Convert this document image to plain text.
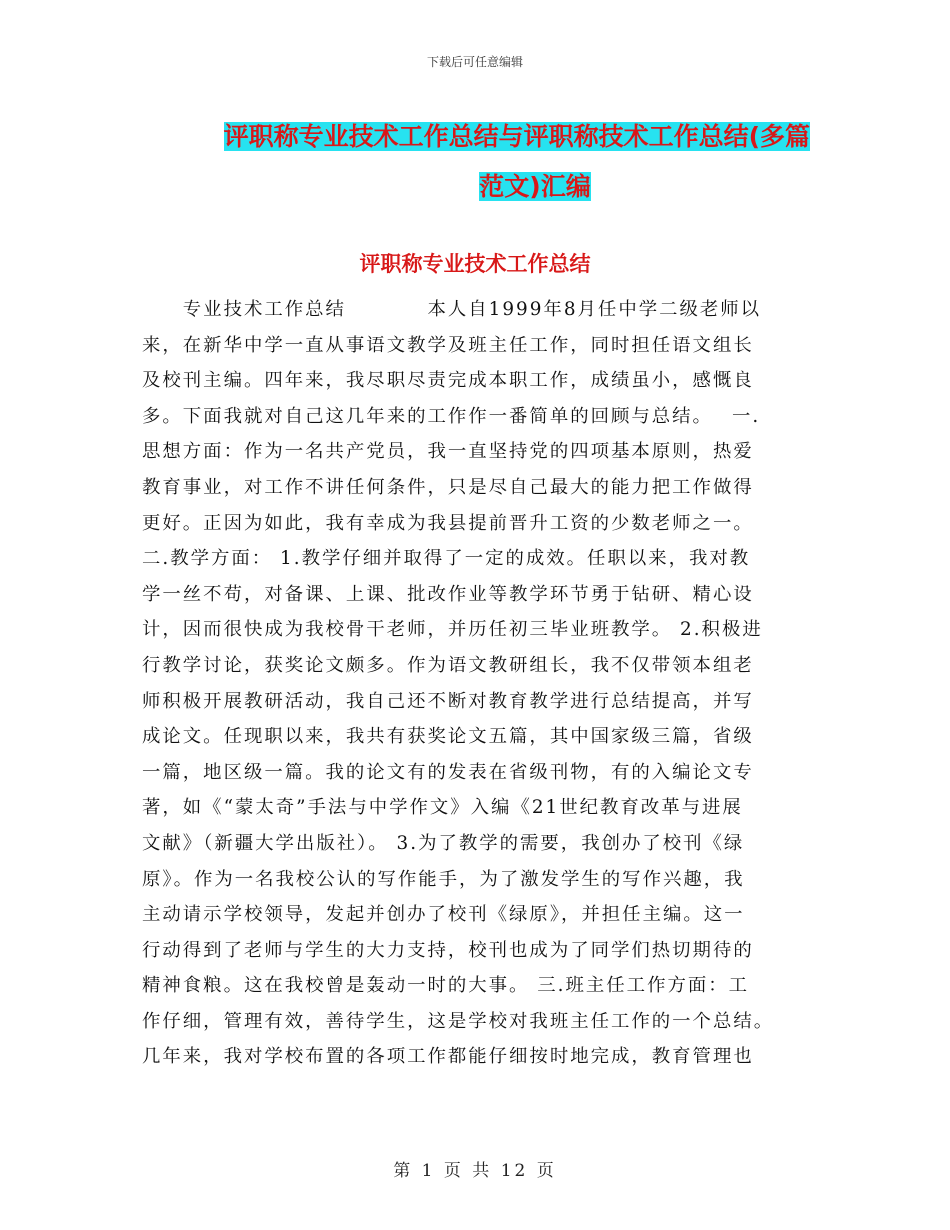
下载后可任意编辑
评职称专业技术工作总结与评职称技术工作总结(多篇
范文)汇编
评职称专业技术工作总结
　　专业技术工作总结　　　　本人自1999年8月任中学二级老师以
来，在新华中学一直从事语文教学及班主任工作，同时担任语文组长
及校刊主编。四年来，我尽职尽责完成本职工作，成绩虽小，感慨良
多。下面我就对自己这几年来的工作作一番简单的回顾与总结。　 一.
思想方面：作为一名共产党员，我一直坚持党的四项基本原则，热爱
教育事业，对工作不讲任何条件，只是尽自己最大的能力把工作做得
更好。正因为如此，我有幸成为我县提前晋升工资的少数老师之一。
二.教学方面： 1.教学仔细并取得了一定的成效。任职以来，我对教
学一丝不苟，对备课、上课、批改作业等教学环节勇于钻研、精心设
计，因而很快成为我校骨干老师，并历任初三毕业班教学。 2.积极进
行教学讨论，获奖论文颇多。作为语文教研组长，我不仅带领本组老
师积极开展教研活动，我自己还不断对教育教学进行总结提高，并写
成论文。任现职以来，我共有获奖论文五篇，其中国家级三篇，省级
一篇，地区级一篇。我的论文有的发表在省级刊物，有的入编论文专
著，如《“蒙太奇”手法与中学作文》入编《21世纪教育改革与进展
文献》（新疆大学出版社）。 3.为了教学的需要，我创办了校刊《绿
原》。作为一名我校公认的写作能手，为了激发学生的写作兴趣，我
主动请示学校领导，发起并创办了校刊《绿原》，并担任主编。这一
行动得到了老师与学生的大力支持，校刊也成为了同学们热切期待的
精神食粮。这在我校曾是轰动一时的大事。 三.班主任工作方面：工
作仔细，管理有效，善待学生，这是学校对我班主任工作的一个总结。
几年来，我对学校布置的各项工作都能仔细按时地完成，教育管理也
第 1 页 共 12 页
